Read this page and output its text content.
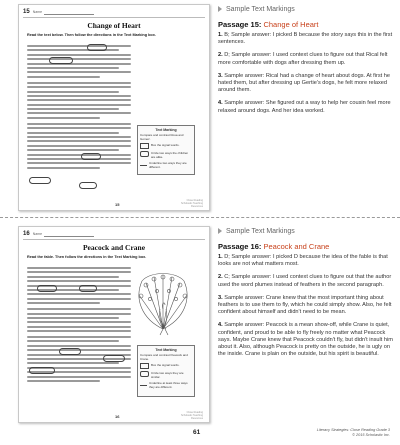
15 Name

Change of Heart
Read the text below. Then follow the directions in the Text Marking box.
Text Marking
Compare and contrast Rosa and Gomez.
Box the signal words.
Circle two ways the children are alike.
Underline two ways they are different.
15
Close Reading Scholastic Teaching Resources
Sample Text Markings
Passage 15: Change of Heart

1. B; Sample answer: I picked B because the story says this in the first sentences.

2. D; Sample answer: I used context clues to figure out that Rical felt more comfortable with dogs after dressing them up.

3. Sample answer: Rical had a change of heart about dogs. At first he hated them, but after dressing up Gertie's dogs, he felt more relaxed around them.

4. Sample answer: She figured out a way to help her cousin feel more relaxed around dogs. And her idea worked.

16 Name

Peacock and Crane
Read the fable. Then follow the directions in the Text Marking box.
Text Marking
Compare and contrast Peacock and Crane.
Box the signal words.
Circle two ways they are similar.
Underline at least three ways they are different.
16
Close Reading Scholastic Teaching Resources
Sample Text Markings
Passage 16: Peacock and Crane

1. D; Sample answer: I picked D because the idea of the fable is that looks are not what matters most.

2. C; Sample answer: I used context clues to figure out that the author used the word plumes instead of feathers in the second paragraph.

3. Sample answer: Crane knew that the most important thing about feathers is to use them to fly, which he could simply show. Also, he felt confident about himself and didn't need to be mean.

4. Sample answer: Peacock is a mean show-off, while Crane is quiet, confident, and proud to be able to fly freely no matter what Peacock says. Maybe Crane knew that Peacock couldn't fly, but didn't insult him about it. Also, although Peacock is pretty on the outside, he is ugly on the inside. Crane is plain on the outside, but his spirit is beautiful.

61	Literacy Strategies: Close Reading Grade 3
© 2015 Scholastic Inc.
